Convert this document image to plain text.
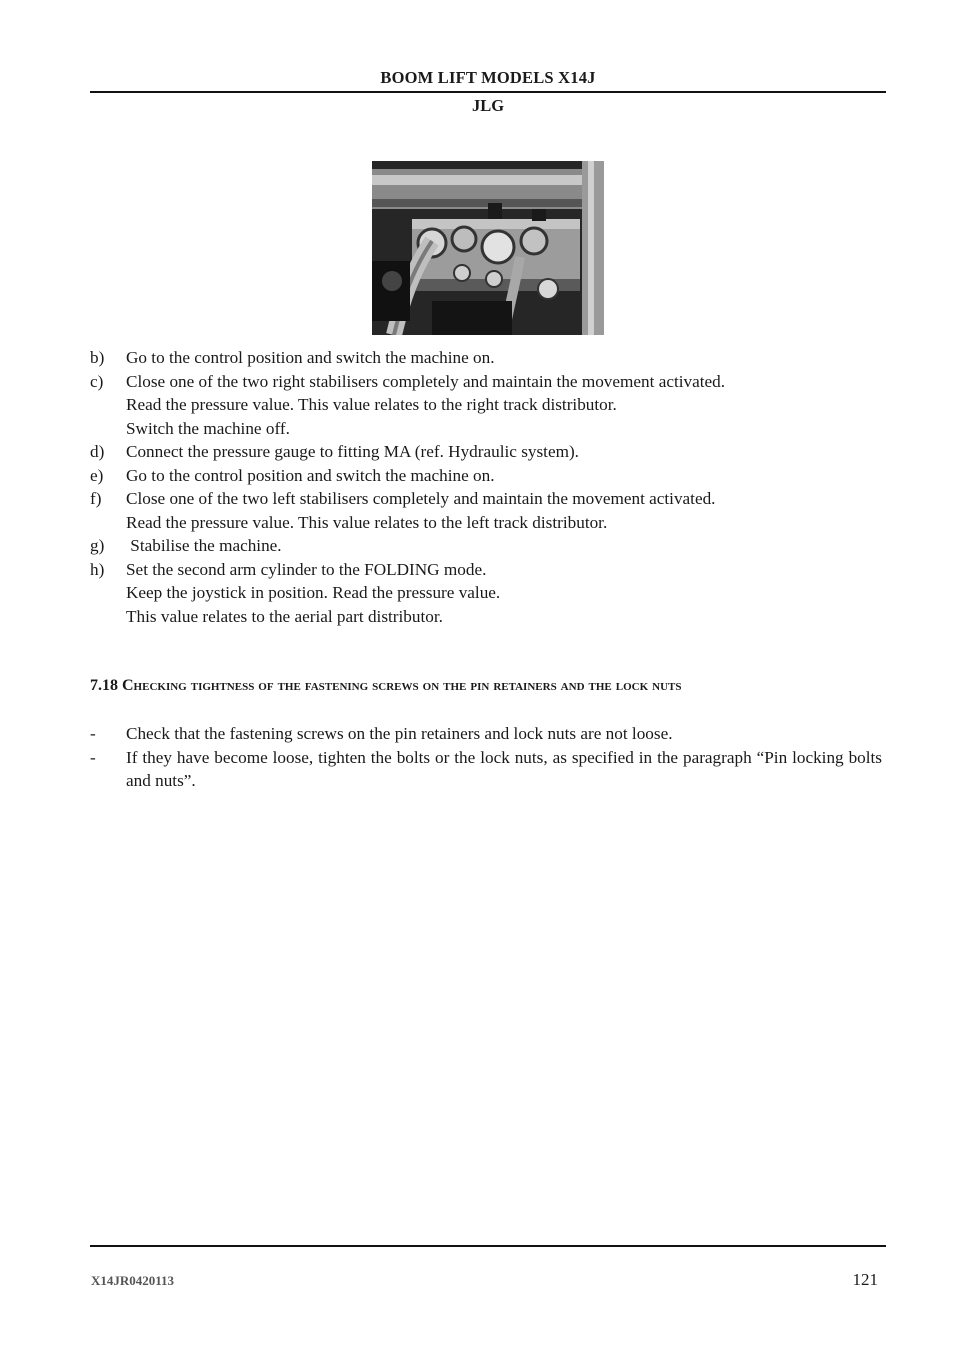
BOOM LIFT MODELS X14J
JLG
b) Go to the control position and switch the machine on.
c) Close one of the two right stabilisers completely and maintain the movement activated.
Read the pressure value. This value relates to the right track distributor.
Switch the machine off.
d) Connect the pressure gauge to fitting MA (ref. Hydraulic system).
e) Go to the control position and switch the machine on.
f) Close one of the two left stabilisers completely and maintain the movement activated.
Read the pressure value. This value relates to the left track distributor.
g) Stabilise the machine.
h) Set the second arm cylinder to the FOLDING mode.
Keep the joystick in position. Read the pressure value.
This value relates to the aerial part distributor.
7.18 Checking tightness of the fastening screws on the pin retainers and the lock nuts
- Check that the fastening screws on the pin retainers and lock nuts are not loose.
- If they have become loose, tighten the bolts or the lock nuts, as specified in the paragraph “Pin locking bolts and nuts”.
X14JR0420113	121
